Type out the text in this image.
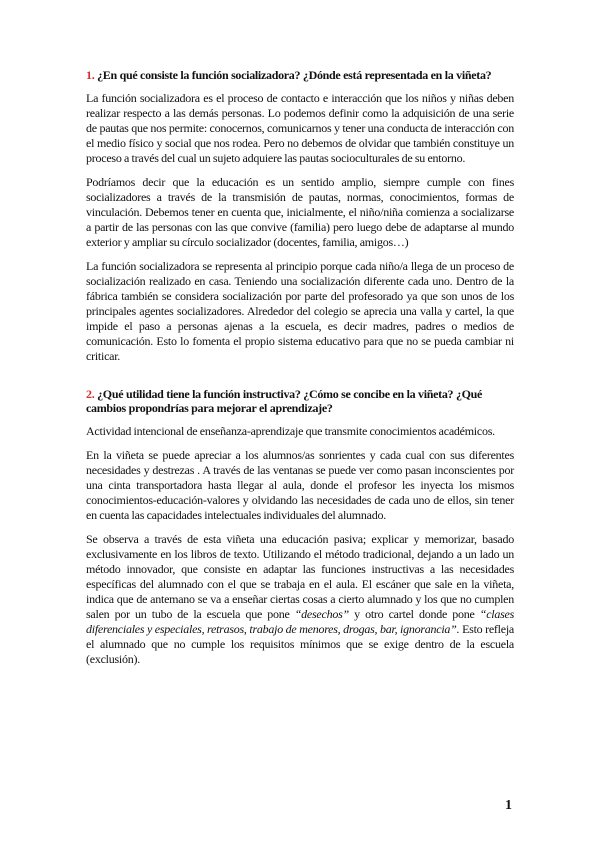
1. ¿En qué consiste la función socializadora? ¿Dónde está representada en la viñeta?

La función socializadora es el proceso de contacto e interacción que los niños y niñas deben realizar respecto a las demás personas. Lo podemos definir como la adquisición de una serie de pautas que nos permite: conocernos, comunicarnos y tener una conducta de interacción con el medio físico y social que nos rodea. Pero no debemos de olvidar que también constituye un proceso a través del cual un sujeto adquiere las pautas socioculturales de su entorno.

Podríamos decir que la educación es un sentido amplio, siempre cumple con fines socializadores a través de la transmisión de pautas, normas, conocimientos, formas de vinculación. Debemos tener en cuenta que, inicialmente, el niño/niña comienza a socializarse a partir de las personas con las que convive (familia) pero luego debe de adaptarse al mundo exterior y ampliar su círculo socializador (docentes, familia, amigos…)

La función socializadora se representa al principio porque cada niño/a llega de un proceso de socialización realizado en casa. Teniendo una socialización diferente cada uno. Dentro de la fábrica también se considera socialización por parte del profesorado ya que son unos de los principales agentes socializadores. Alrededor del colegio se aprecia una valla y cartel, la que impide el paso a personas ajenas a la escuela, es decir madres, padres o medios de comunicación. Esto lo fomenta el propio sistema educativo para que no se pueda cambiar ni criticar.

2. ¿Qué utilidad tiene la función instructiva? ¿Cómo se concibe en la viñeta? ¿Qué cambios propondrías para mejorar el aprendizaje?

Actividad intencional de enseñanza-aprendizaje que transmite conocimientos académicos.

En la viñeta se puede apreciar a los alumnos/as sonrientes y cada cual con sus diferentes necesidades y destrezas . A través de las ventanas se puede ver como pasan inconscientes por una cinta transportadora hasta llegar al aula, donde el profesor les inyecta los mismos conocimientos-educación-valores y olvidando las necesidades de cada uno de ellos, sin tener en cuenta las capacidades intelectuales individuales del alumnado.

Se observa a través de esta viñeta una educación pasiva; explicar y memorizar, basado exclusivamente en los libros de texto. Utilizando el método tradicional, dejando a un lado un método innovador, que consiste en adaptar las funciones instructivas a las necesidades específicas del alumnado con el que se trabaja en el aula. El escáner que sale en la viñeta, indica que de antemano se va a enseñar ciertas cosas a cierto alumnado y los que no cumplen salen por un tubo de la escuela que pone “desechos” y otro cartel donde pone “clases diferenciales y especiales, retrasos, trabajo de menores, drogas, bar, ignorancia”. Esto refleja el alumnado que no cumple los requisitos mínimos que se exige dentro de la escuela (exclusión).

1
